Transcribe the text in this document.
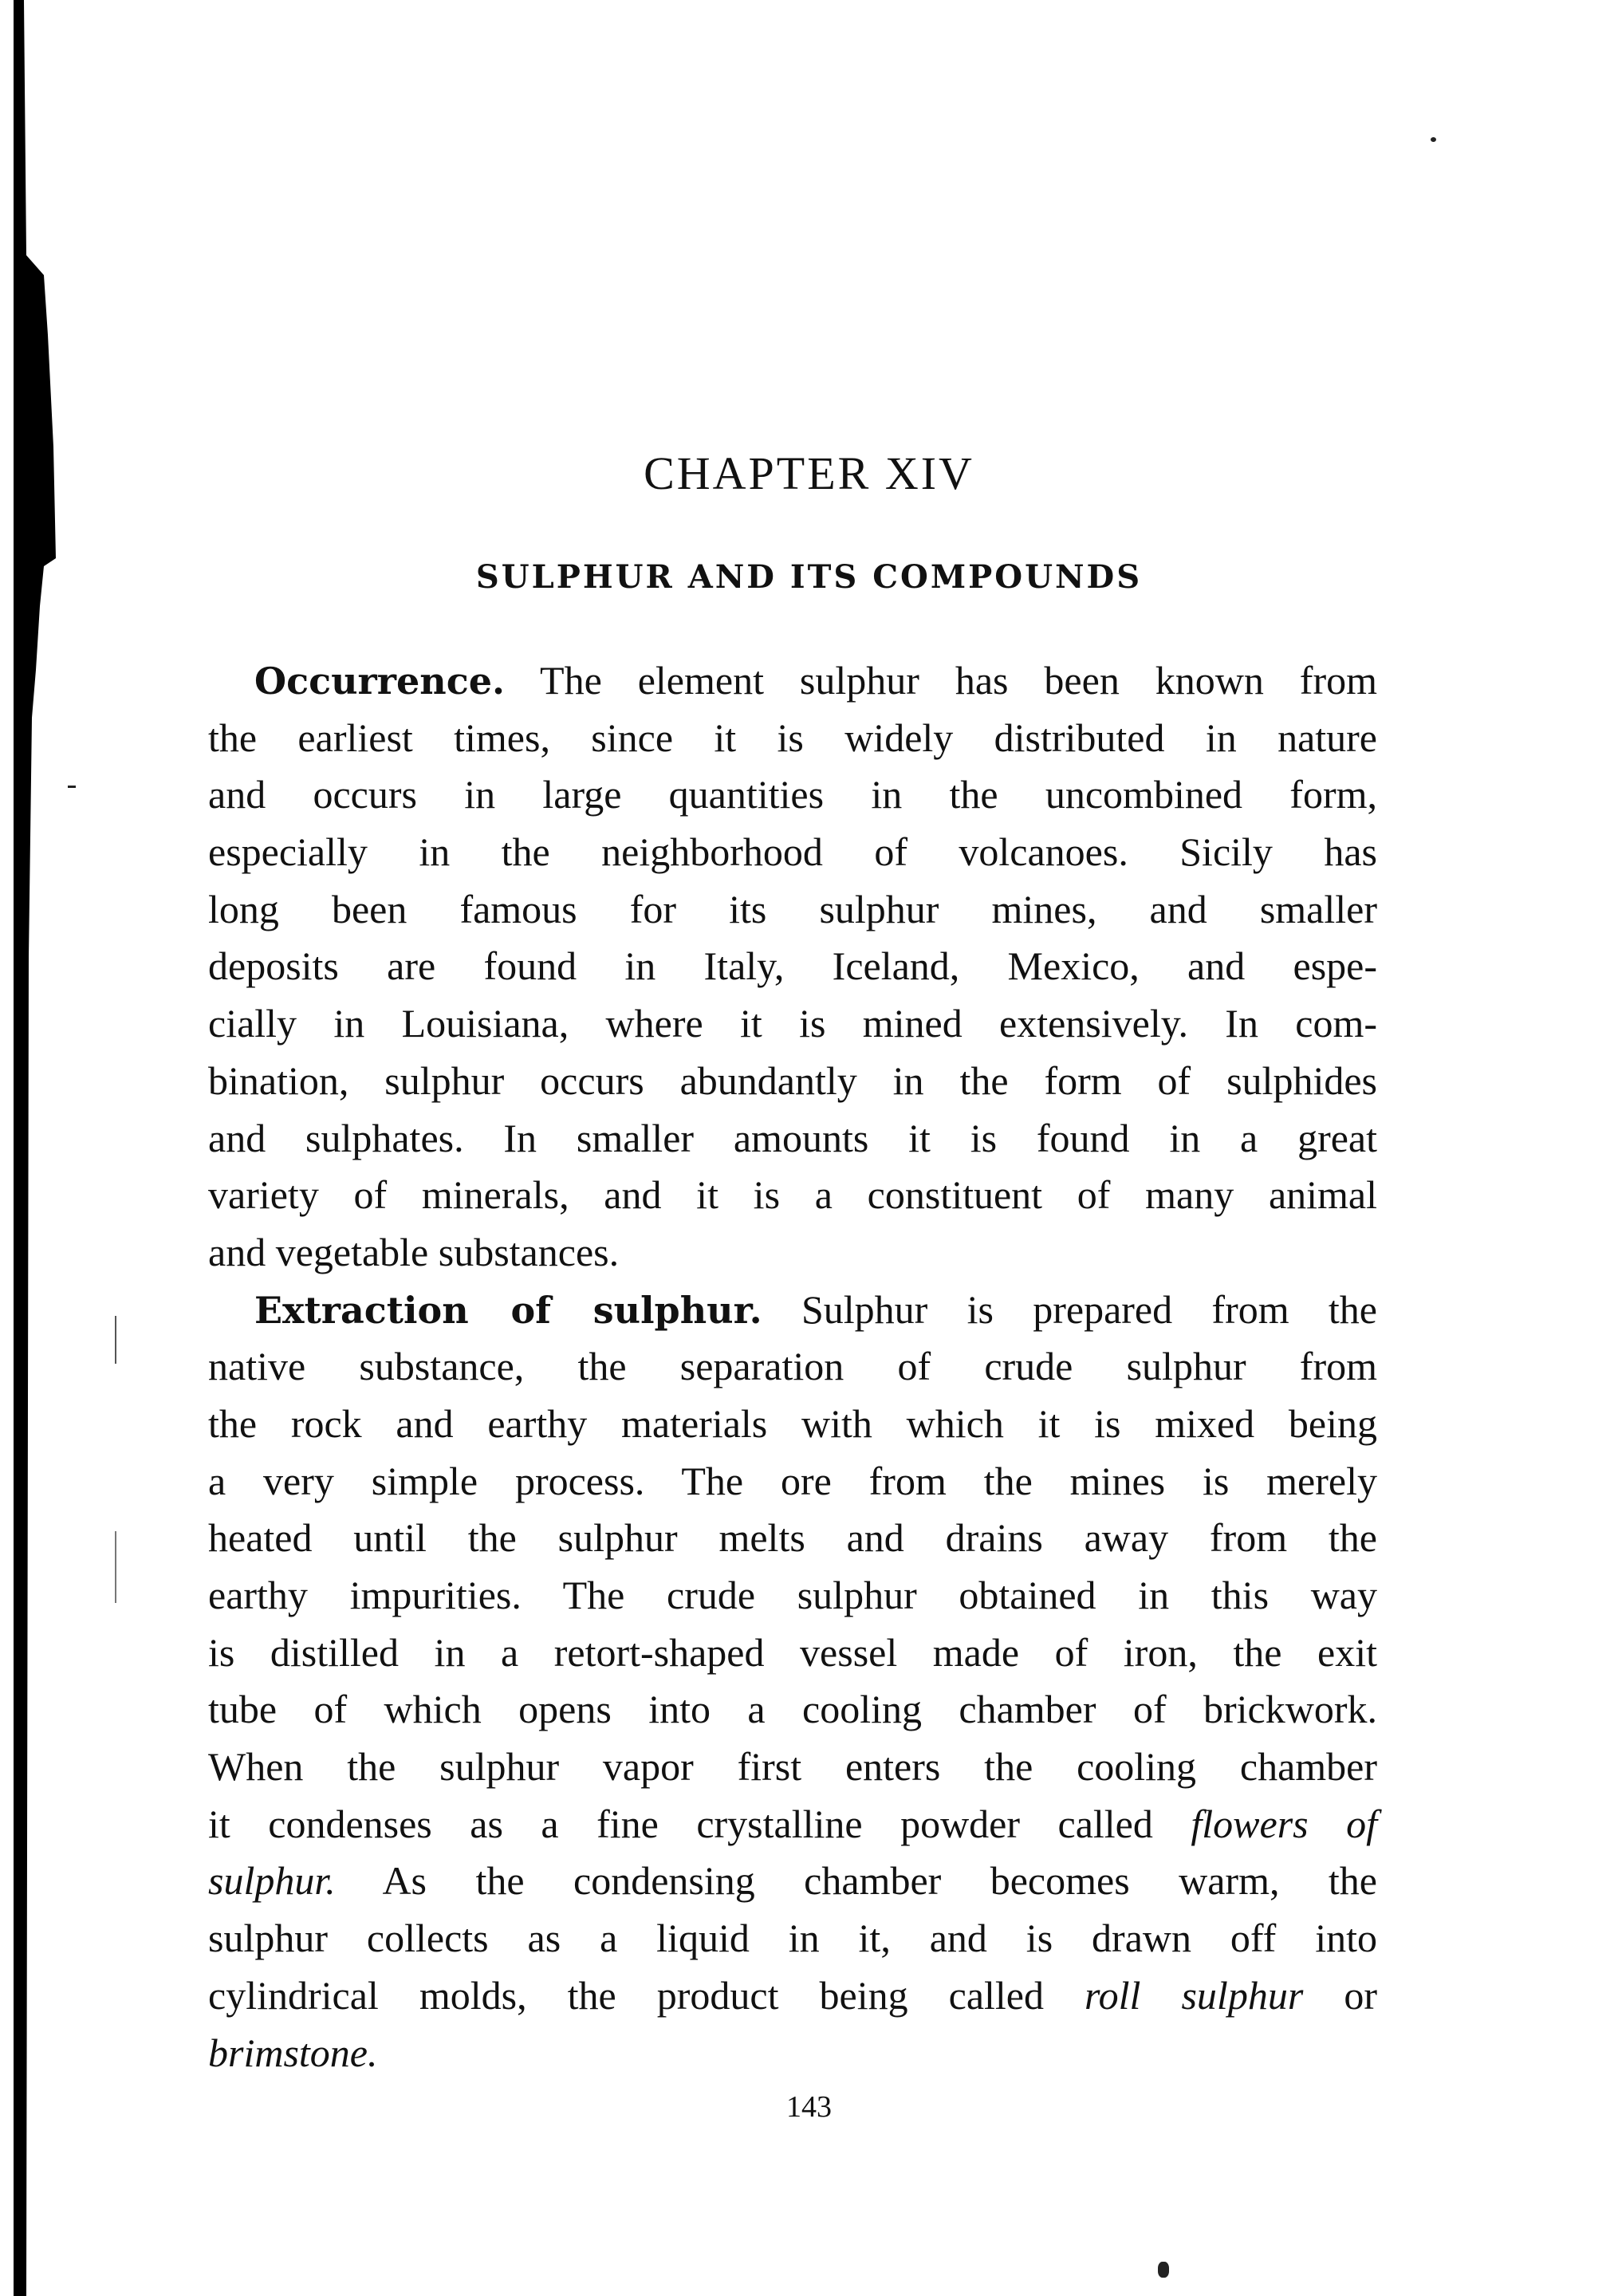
CHAPTER XIV
SULPHUR AND ITS COMPOUNDS
Occurrence. The element sulphur has been known from
the earliest times, since it is widely distributed in nature
and occurs in large quantities in the uncombined form,
especially in the neighborhood of volcanoes. Sicily has
long been famous for its sulphur mines, and smaller
deposits are found in Italy, Iceland, Mexico, and espe-
cially in Louisiana, where it is mined extensively. In com-
bination, sulphur occurs abundantly in the form of sulphides
and sulphates. In smaller amounts it is found in a great
variety of minerals, and it is a constituent of many animal
and vegetable substances.
Extraction of sulphur. Sulphur is prepared from the
native substance, the separation of crude sulphur from
the rock and earthy materials with which it is mixed being
a very simple process. The ore from the mines is merely
heated until the sulphur melts and drains away from the
earthy impurities. The crude sulphur obtained in this way
is distilled in a retort-shaped vessel made of iron, the exit
tube of which opens into a cooling chamber of brickwork.
When the sulphur vapor first enters the cooling chamber
it condenses as a fine crystalline powder called flowers of
sulphur. As the condensing chamber becomes warm, the
sulphur collects as a liquid in it, and is drawn off into
cylindrical molds, the product being called roll sulphur or
brimstone.
143
